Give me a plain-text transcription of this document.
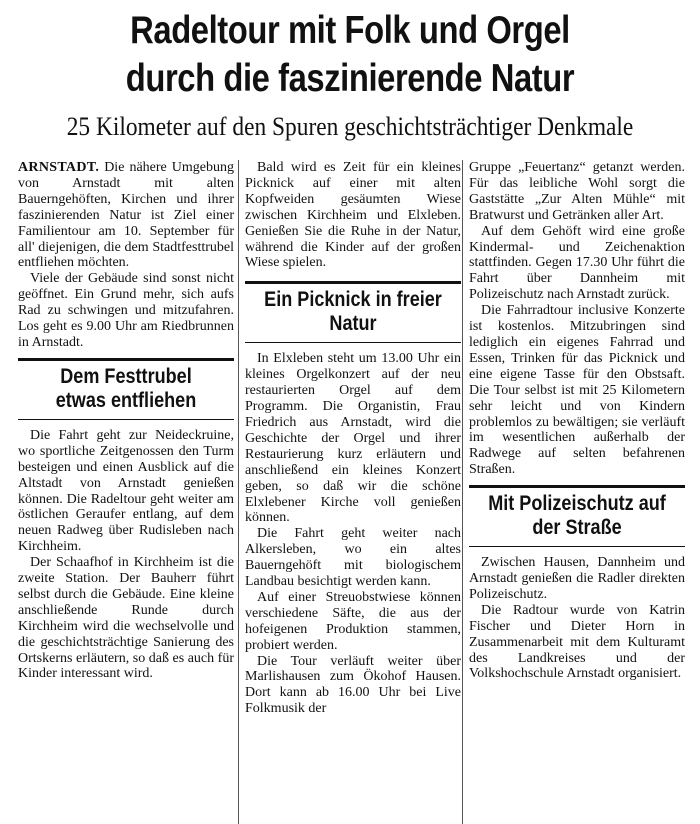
Radeltour mit Folk und Orgel
durch die faszinierende Natur
25 Kilometer auf den Spuren geschichtsträchtiger Denkmale

ARNSTADT. Die nähere Umgebung von Arnstadt mit alten Bauerngehöften, Kirchen und ihrer faszinierenden Natur ist Ziel einer Familientour am 10. September für all' diejenigen, die dem Stadtfesttrubel entfliehen möchten.

Viele der Gebäude sind sonst nicht geöffnet. Ein Grund mehr, sich aufs Rad zu schwingen und mitzufahren. Los geht es 9.00 Uhr am Riedbrunnen in Arnstadt.

Dem Festtrubel etwas entfliehen

Die Fahrt geht zur Neideckruine, wo sportliche Zeitgenossen den Turm besteigen und einen Ausblick auf die Altstadt von Arnstadt genießen können. Die Radeltour geht weiter am östlichen Geraufer entlang, auf dem neuen Radweg über Rudisleben nach Kirchheim.

Der Schaafhof in Kirchheim ist die zweite Station. Der Bauherr führt selbst durch die Gebäude. Eine kleine anschließende Runde durch Kirchheim wird die wechselvolle und die geschichtsträchtige Sanierung des Ortskerns erläutern, so daß es auch für Kinder interessant wird.

Bald wird es Zeit für ein kleines Picknick auf einer mit alten Kopfweiden gesäumten Wiese zwischen Kirchheim und Elxleben. Genießen Sie die Ruhe in der Natur, während die Kinder auf der großen Wiese spielen.

Ein Picknick in freier Natur

In Elxleben steht um 13.00 Uhr ein kleines Orgelkonzert auf der neu restaurierten Orgel auf dem Programm. Die Organistin, Frau Friedrich aus Arnstadt, wird die Geschichte der Orgel und ihrer Restaurierung kurz erläutern und anschließend ein kleines Konzert geben, so daß wir die schöne Elxlebener Kirche voll genießen können.

Die Fahrt geht weiter nach Alkersleben, wo ein altes Bauerngehöft mit biologischem Landbau besichtigt werden kann.

Auf einer Streuobstwiese können verschiedene Säfte, die aus der hofeigenen Produktion stammen, probiert werden.

Die Tour verläuft weiter über Marlishausen zum Ökohof Hausen. Dort kann ab 16.00 Uhr bei Live Folkmusik der

Gruppe „Feuertanz“ getanzt werden. Für das leibliche Wohl sorgt die Gaststätte „Zur Alten Mühle“ mit Bratwurst und Getränken aller Art.

Auf dem Gehöft wird eine große Kindermal- und Zeichenaktion stattfinden. Gegen 17.30 Uhr führt die Fahrt über Dannheim mit Polizeischutz nach Arnstadt zurück.

Die Fahrradtour inclusive Konzerte ist kostenlos. Mitzubringen sind lediglich ein eigenes Fahrrad und Essen, Trinken für das Picknick und eine eigene Tasse für den Obstsaft. Die Tour selbst ist mit 25 Kilometern sehr leicht und von Kindern problemlos zu bewältigen; sie verläuft im wesentlichen außerhalb der Radwege auf selten befahrenen Straßen.

Mit Polizeischutz auf der Straße

Zwischen Hausen, Dannheim und Arnstadt genießen die Radler direkten Polizeischutz.

Die Radtour wurde von Katrin Fischer und Dieter Horn in Zusammenarbeit mit dem Kulturamt des Landkreises und der Volkshochschule Arnstadt organisiert.
